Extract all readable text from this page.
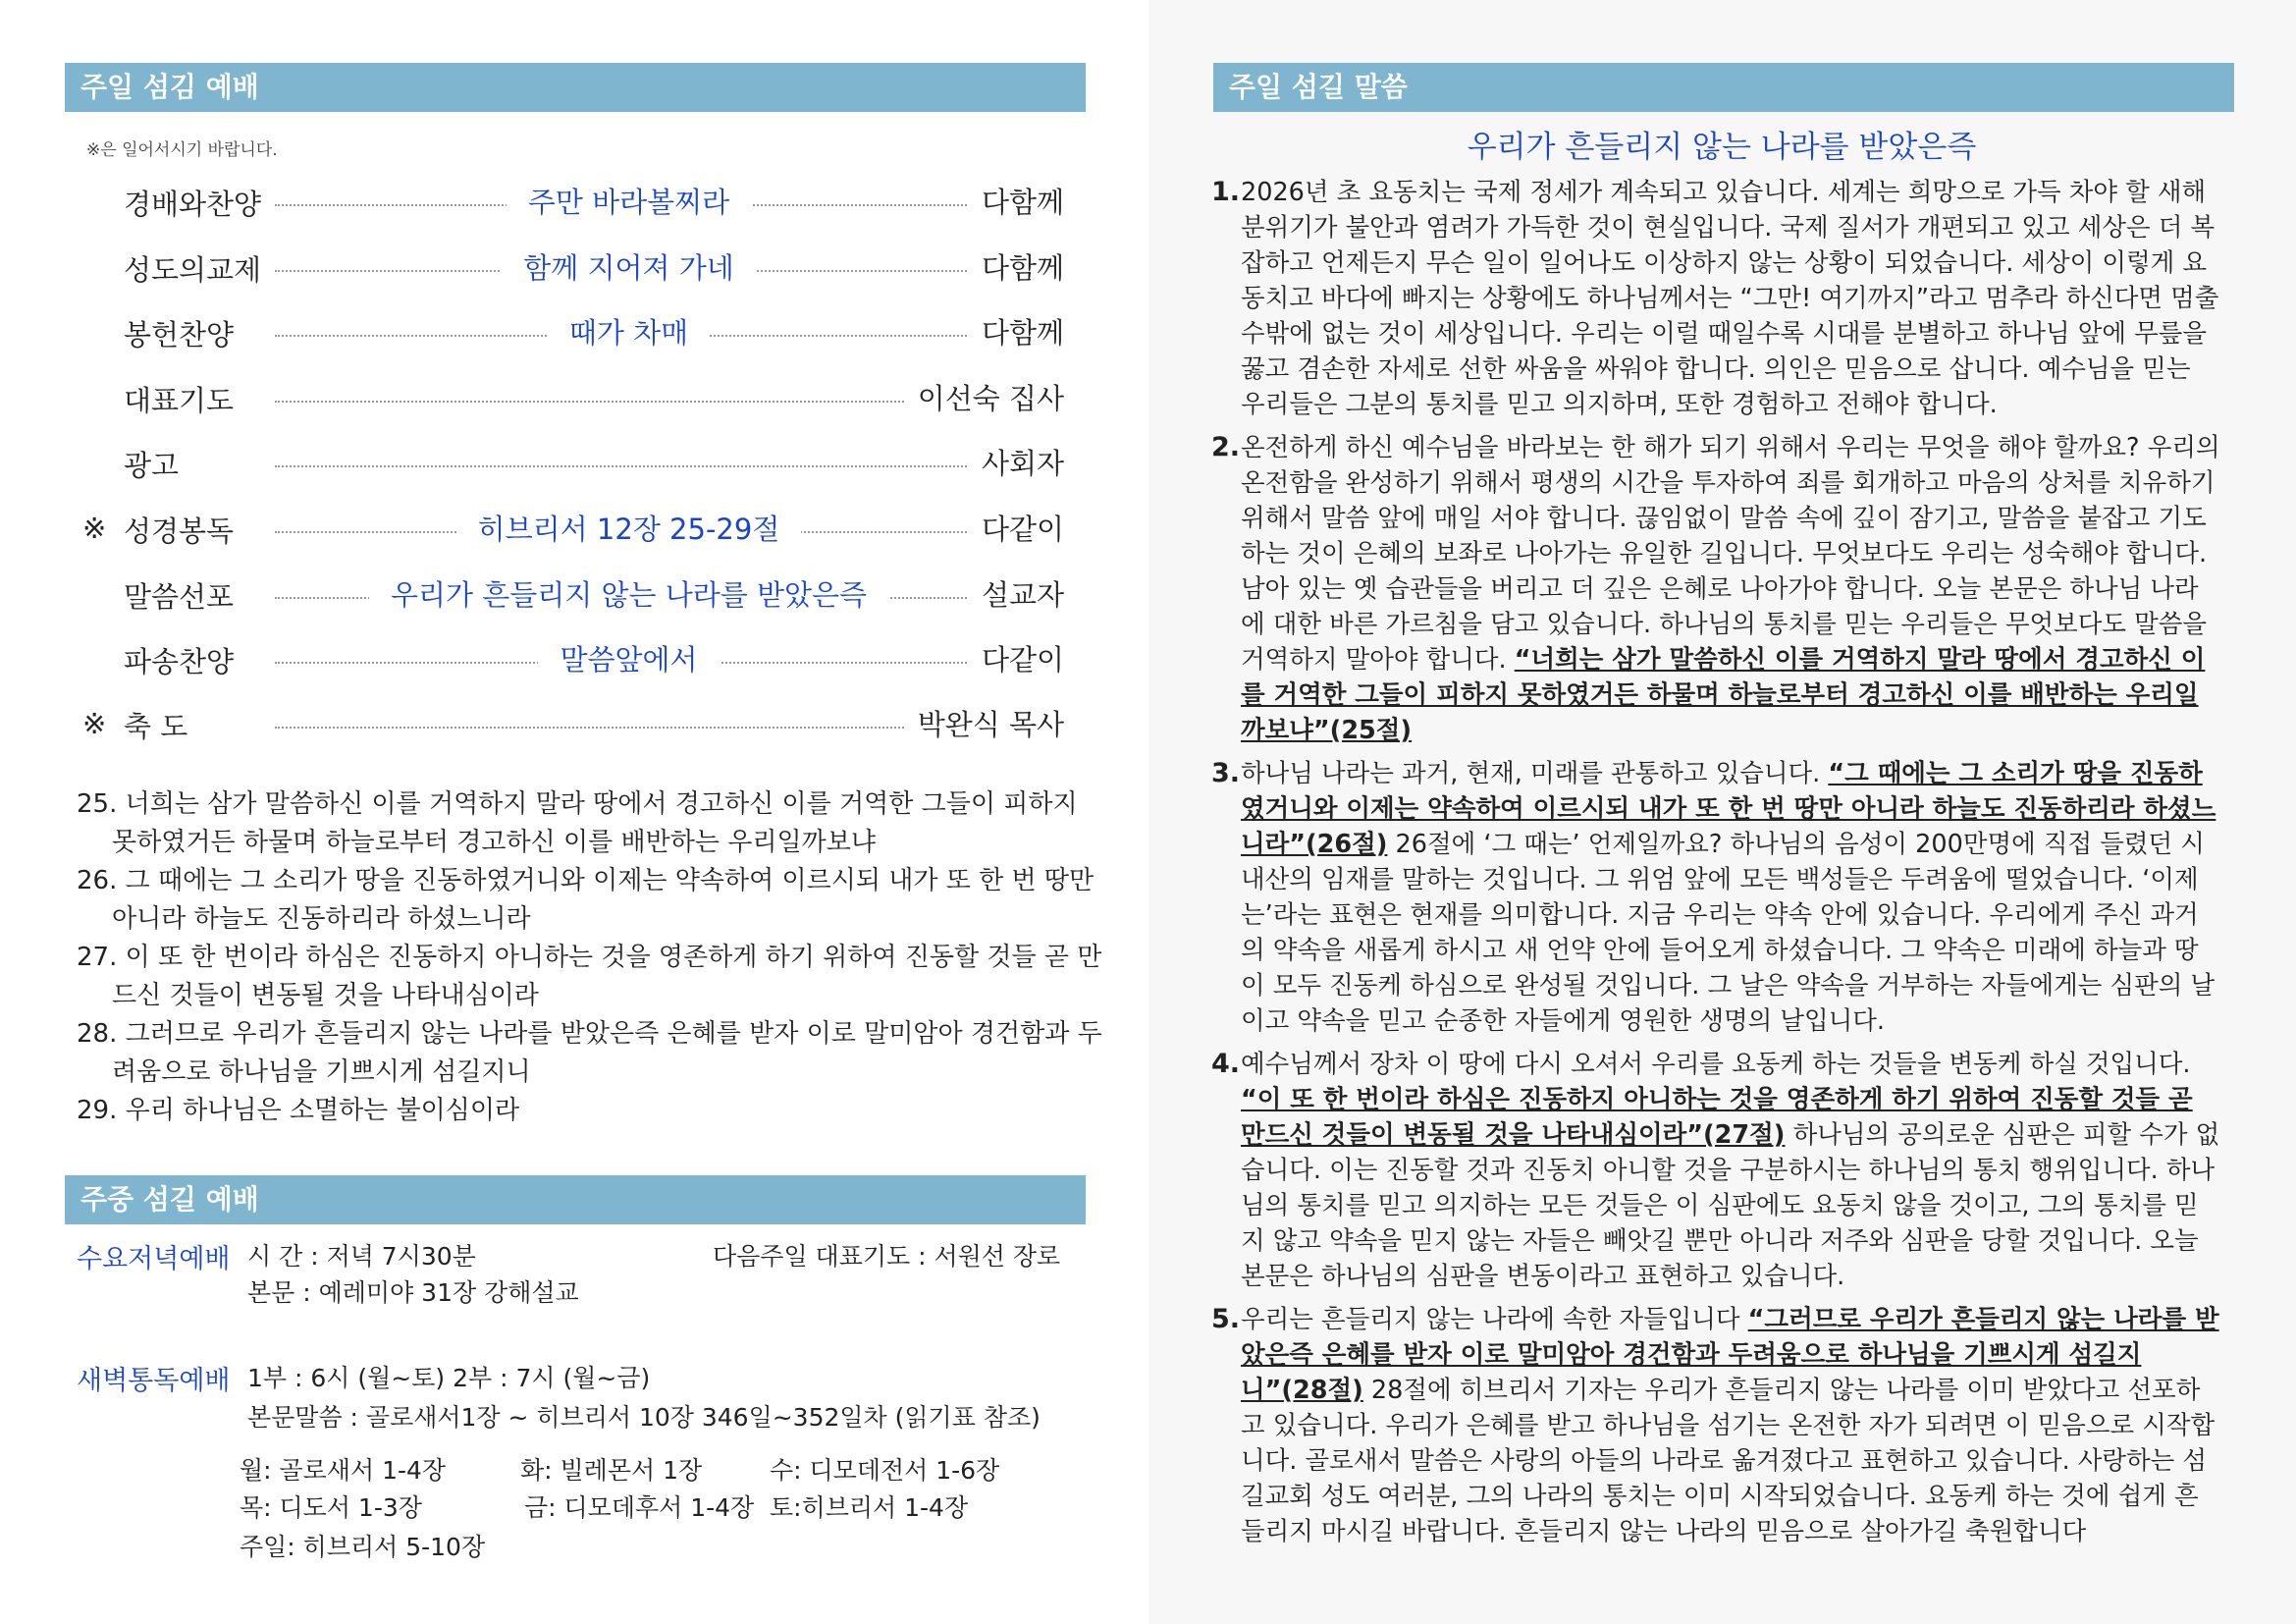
주일 섬김 예배
※은 일어서시기 바랍니다.
경배와찬양	주만 바라볼찌라	다함께
성도의교제	함께 지어져 가네	다함께
봉헌찬양	때가 차매	다함께
대표기도	이선숙 집사
광고	사회자
※ 성경봉독	히브리서 12장 25-29절	다같이
말씀선포	우리가 흔들리지 않는 나라를 받았은즉	설교자
파송찬양	말씀앞에서	다같이
※ 축 도	박완식 목사
25. 너희는 삼가 말씀하신 이를 거역하지 말라 땅에서 경고하신 이를 거역한 그들이 피하지 못하였거든 하물며 하늘로부터 경고하신 이를 배반하는 우리일까보냐
26. 그 때에는 그 소리가 땅을 진동하였거니와 이제는 약속하여 이르시되 내가 또 한 번 땅만 아니라 하늘도 진동하리라 하셨느니라
27. 이 또 한 번이라 하심은 진동하지 아니하는 것을 영존하게 하기 위하여 진동할 것들 곧 만드신 것들이 변동될 것을 나타내심이라
28. 그러므로 우리가 흔들리지 않는 나라를 받았은즉 은혜를 받자 이로 말미암아 경건함과 두려움으로 하나님을 기쁘시게 섬길지니
29. 우리 하나님은 소멸하는 불이심이라
주중 섬길 예배
수요저녁예배 시 간 : 저녁 7시30분	다음주일 대표기도 : 서원선 장로
본문 : 예레미야 31장 강해설교
새벽통독예배 1부 : 6시 (월~토) 2부 : 7시 (월~금)
본문말씀 : 골로새서1장 ~ 히브리서 10장 346일~352일차 (읽기표 참조)
월: 골로새서 1-4장	화: 빌레몬서 1장	수: 디모데전서 1-6장
목: 디도서 1-3장	금: 디모데후서 1-4장 토:히브리서 1-4장
주일: 히브리서 5-10장
주일 섬길 말씀
우리가 흔들리지 않는 나라를 받았은즉
1. 2026년 초 요동치는 국제 정세가 계속되고 있습니다. 세계는 희망으로 가득 차야 할 새해 분위기가 불안과 염려가 가득한 것이 현실입니다. 국제 질서가 개편되고 있고 세상은 더 복잡하고 언제든지 무슨 일이 일어나도 이상하지 않는 상황이 되었습니다. 세상이 이렇게 요동치고 바다에 빠지는 상황에도 하나님께서는 “그만! 여기까지”라고 멈추라 하신다면 멈출 수밖에 없는 것이 세상입니다. 우리는 이럴 때일수록 시대를 분별하고 하나님 앞에 무릎을 꿇고 겸손한 자세로 선한 싸움을 싸워야 합니다. 의인은 믿음으로 삽니다. 예수님을 믿는 우리들은 그분의 통치를 믿고 의지하며, 또한 경험하고 전해야 합니다.
2. 온전하게 하신 예수님을 바라보는 한 해가 되기 위해서 우리는 무엇을 해야 할까요? 우리의 온전함을 완성하기 위해서 평생의 시간을 투자하여 죄를 회개하고 마음의 상처를 치유하기 위해서 말씀 앞에 매일 서야 합니다. 끊임없이 말씀 속에 깊이 잠기고, 말씀을 붙잡고 기도하는 것이 은혜의 보좌로 나아가는 유일한 길입니다. 무엇보다도 우리는 성숙해야 합니다. 남아 있는 옛 습관들을 버리고 더 깊은 은혜로 나아가야 합니다. 오늘 본문은 하나님 나라에 대한 바른 가르침을 담고 있습니다. 하나님의 통치를 믿는 우리들은 무엇보다도 말씀을 거역하지 말아야 합니다. “너희는 삼가 말씀하신 이를 거역하지 말라 땅에서 경고하신 이를 거역한 그들이 피하지 못하였거든 하물며 하늘로부터 경고하신 이를 배반하는 우리일까보냐”(25절)
3. 하나님 나라는 과거, 현재, 미래를 관통하고 있습니다. “그 때에는 그 소리가 땅을 진동하였거니와 이제는 약속하여 이르시되 내가 또 한 번 땅만 아니라 하늘도 진동하리라 하셨느니라”(26절) 26절에 ‘그 때는’ 언제일까요? 하나님의 음성이 200만명에 직접 들렸던 시내산의 임재를 말하는 것입니다. 그 위엄 앞에 모든 백성들은 두려움에 떨었습니다. ‘이제는’라는 표현은 현재를 의미합니다. 지금 우리는 약속 안에 있습니다. 우리에게 주신 과거의 약속을 새롭게 하시고 새 언약 안에 들어오게 하셨습니다. 그 약속은 미래에 하늘과 땅이 모두 진동케 하심으로 완성될 것입니다. 그 날은 약속을 거부하는 자들에게는 심판의 날이고 약속을 믿고 순종한 자들에게 영원한 생명의 날입니다.
4. 예수님께서 장차 이 땅에 다시 오셔서 우리를 요동케 하는 것들을 변동케 하실 것입니다. “이 또 한 번이라 하심은 진동하지 아니하는 것을 영존하게 하기 위하여 진동할 것들 곧 만드신 것들이 변동될 것을 나타내심이라”(27절) 하나님의 공의로운 심판은 피할 수가 없습니다. 이는 진동할 것과 진동치 아니할 것을 구분하시는 하나님의 통치 행위입니다. 하나님의 통치를 믿고 의지하는 모든 것들은 이 심판에도 요동치 않을 것이고, 그의 통치를 믿지 않고 약속을 믿지 않는 자들은 빼앗길 뿐만 아니라 저주와 심판을 당할 것입니다. 오늘 본문은 하나님의 심판을 변동이라고 표현하고 있습니다.
5. 우리는 흔들리지 않는 나라에 속한 자들입니다 “그러므로 우리가 흔들리지 않는 나라를 받았은즉 은혜를 받자 이로 말미암아 경건함과 두려움으로 하나님을 기쁘시게 섬길지니”(28절) 28절에 히브리서 기자는 우리가 흔들리지 않는 나라를 이미 받았다고 선포하고 있습니다. 우리가 은혜를 받고 하나님을 섬기는 온전한 자가 되려면 이 믿음으로 시작합니다. 골로새서 말씀은 사랑의 아들의 나라로 옮겨졌다고 표현하고 있습니다. 사랑하는 섬길교회 성도 여러분, 그의 나라의 통치는 이미 시작되었습니다. 요동케 하는 것에 쉽게 흔들리지 마시길 바랍니다. 흔들리지 않는 나라의 믿음으로 살아가길 축원합니다
